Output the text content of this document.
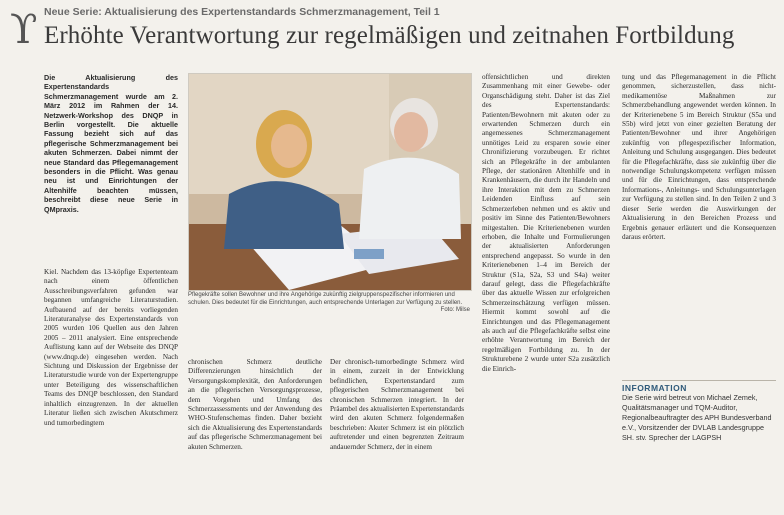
ϒ Neue Serie: Aktualisierung des Expertenstandards Schmerzmanagement, Teil 1
Erhöhte Verantwortung zur regelmäßigen und zeitnahen Fortbildung

Die Aktualisierung des Expertenstandards Schmerzmanagement wurde am 2. März 2012 im Rahmen der 14. Netzwerk-Workshop des DNQP in Berlin vorgestellt. Die aktuelle Fassung bezieht sich auf das pflegerische Schmerzmanagement bei akuten Schmerzen. Dabei nimmt der neue Standard das Pflegemanagement besonders in die Pflicht. Was genau neu ist und Einrichtungen der Altenhilfe beachten müssen, beschreibt diese neue Serie in QMpraxis.

Kiel. Nachdem das 13-köpfige Expertenteam nach einem öffentlichen Ausschreibungsverfahren gefunden war begannen umfangreiche Literaturstudien. Aufbauend auf der bereits vorliegenden Literaturanalyse des Expertenstandards von 2005 wurden 106 Quellen aus den Jahren 2005 – 2011 analysiert. Eine entsprechende Auflistung kann auf der Webseite des DNQP (www.dnqp.de) eingesehen werden. Nach Sichtung und Diskussion der Ergebnisse der Literaturstudie wurde von der Expertengruppe unter Beteiligung des wissenschaftlichen Teams des DNQP beschlossen, den Standard inhaltlich einzugrenzen. In der aktuellen Literatur ließen sich zwischen Akutschmerz und tumorbedingtem

Pflegekräfte sollen Bewohner und ihre Angehörige zukünftig zielgruppenspezifischer informieren und schulen. Dies bedeutet für die Einrichtungen, auch entsprechende Unterlagen zur Verfügung zu stellen.
Foto: Milse

chronischen Schmerz deutliche Differenzierungen hinsichtlich der Versorgungskomplexität, den Anforderungen an die pflegerischen Versorgungsprozesse, dem Vorgehen und Umfang des Schmerzassessments und der Anwendung des WHO-Stufenschemas finden. Daher bezieht sich die Aktualisierung des Expertenstandards auf das pflegerische Schmerzmanagement bei akuten Schmerzen.

Der chronisch-tumorbedingte Schmerz wird in einem, zurzeit in der Entwicklung befindlichen, Expertenstandard zum pflegerischen Schmerzmanagement bei chronischen Schmerzen integriert. In der Präambel des aktualisierten Expertenstandards wird den akuten Schmerz folgendermaßen beschrieben: Akuter Schmerz ist ein plötzlich auftretender und einen begrenzten Zeitraum andauernder Schmerz, der in einem

offensichtlichen und direkten Zusammenhang mit einer Gewebe- oder Organschädigung steht. Daher ist das Ziel des Expertenstandards: Patienten/Bewohnern mit akuten oder zu erwartenden Schmerzen durch ein angemessenes Schmerzmanagement unnötiges Leid zu ersparen sowie einer Chronifizierung vorzubeugen. Er richtet sich an Pflegekräfte in der ambulanten Pflege, der stationären Altenhilfe und in Krankenhäusern, die durch ihr Handeln und ihre Interaktion mit dem zu Schmerzen Leidenden Einfluss auf sein Schmerzerleben nehmen und es aktiv und positiv im Sinne des Patienten/Bewohners mitgestalten. Die Kriterienebenen wurden erhoben, die Inhalte und Formulierungen der aktualisierten Anforderungen entsprechend angepasst. So wurde in den Kriterienebenen 1–4 im Bereich der Struktur (S1a, S2a, S3 und S4a) weiter darauf gelegt, dass die Pflegefachkräfte über das aktuelle Wissen zur erfolgreichen Schmerzeinschätzung verfügen müssen. Hiermit kommt sowohl auf die Einrichtungen und das Pflegemanagement als auch auf die Pflegefachkräfte selbst eine erhöhte Verantwortung im Bereich der regelmäßigen Fortbildung zu. In der Strukturebene 2 wurde unter S2a zusätzlich die Einrich-

tung und das Pflegemanagement in die Pflicht genommen, sicherzustellen, dass nicht-medikamentöse Maßnahmen zur Schmerzbehandlung angewendet werden können. In der Kriterienebene 5 im Bereich Struktur (S5a und S5b) wird jetzt von einer gezielten Beratung der Patienten/Bewohner und ihrer Angehörigen zukünftig von pflegespezifischer Information, Anleitung und Schulung ausgegangen. Dies bedeutet für die Pflegefachkräfte, dass sie zukünftig über die notwendige Schulungskompetenz verfügen müssen und für die Einrichtungen, dass entsprechende Informations-, Anleitungs- und Schulungsunterlagen zur Verfügung zu stellen sind. In den Teilen 2 und 3 dieser Serie werden die Auswirkungen der Aktualisierung in den Bereichen Prozess und Ergebnis genauer erläutert und die Konsequenzen daraus erörtert.

INFORMATION
Die Serie wird betreut von Michael Zemek, Qualitätsmanager und TQM-Auditor, Regionalbeauftragter des APH Bundesverband e.V., Vorsitzender der DVLAB Landesgruppe SH. stv. Sprecher der LAGPSH
